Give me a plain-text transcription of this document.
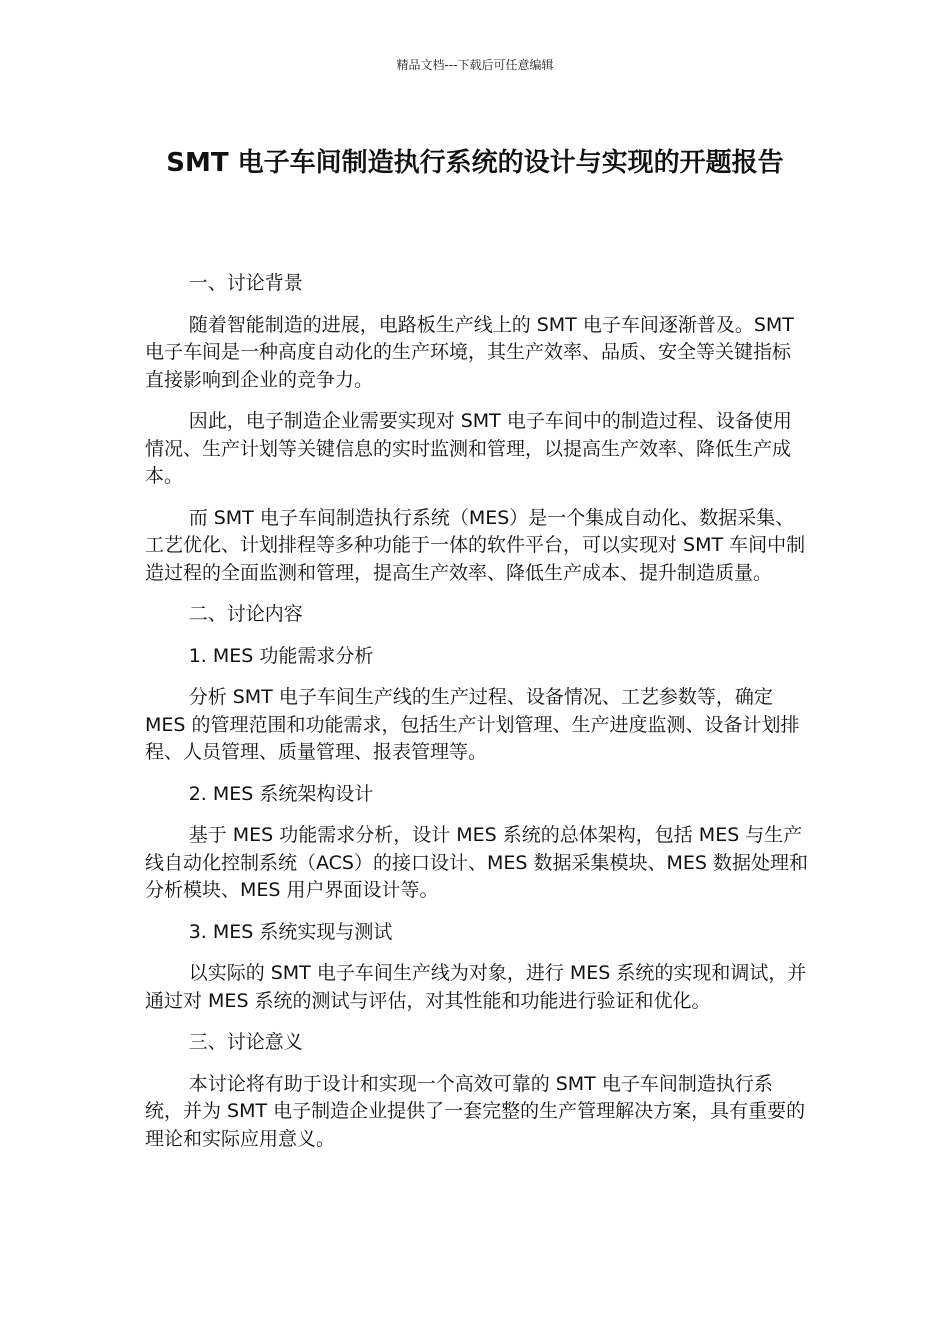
精品文档---下载后可任意编辑
SMT 电子车间制造执行系统的设计与实现的开题报告

一、讨论背景

随着智能制造的进展，电路板生产线上的 SMT 电子车间逐渐普及。SMT 电子车间是一种高度自动化的生产环境，其生产效率、品质、安全等关键指标直接影响到企业的竞争力。

因此，电子制造企业需要实现对 SMT 电子车间中的制造过程、设备使用情况、生产计划等关键信息的实时监测和管理，以提高生产效率、降低生产成本。

而 SMT 电子车间制造执行系统（MES）是一个集成自动化、数据采集、工艺优化、计划排程等多种功能于一体的软件平台，可以实现对 SMT 车间中制造过程的全面监测和管理，提高生产效率、降低生产成本、提升制造质量。

二、讨论内容

1. MES 功能需求分析

分析 SMT 电子车间生产线的生产过程、设备情况、工艺参数等，确定 MES 的管理范围和功能需求，包括生产计划管理、生产进度监测、设备计划排程、人员管理、质量管理、报表管理等。

2. MES 系统架构设计

基于 MES 功能需求分析，设计 MES 系统的总体架构，包括 MES 与生产线自动化控制系统（ACS）的接口设计、MES 数据采集模块、MES 数据处理和分析模块、MES 用户界面设计等。

3. MES 系统实现与测试

以实际的 SMT 电子车间生产线为对象，进行 MES 系统的实现和调试，并通过对 MES 系统的测试与评估，对其性能和功能进行验证和优化。

三、讨论意义

本讨论将有助于设计和实现一个高效可靠的 SMT 电子车间制造执行系统，并为 SMT 电子制造企业提供了一套完整的生产管理解决方案，具有重要的理论和实际应用意义。
